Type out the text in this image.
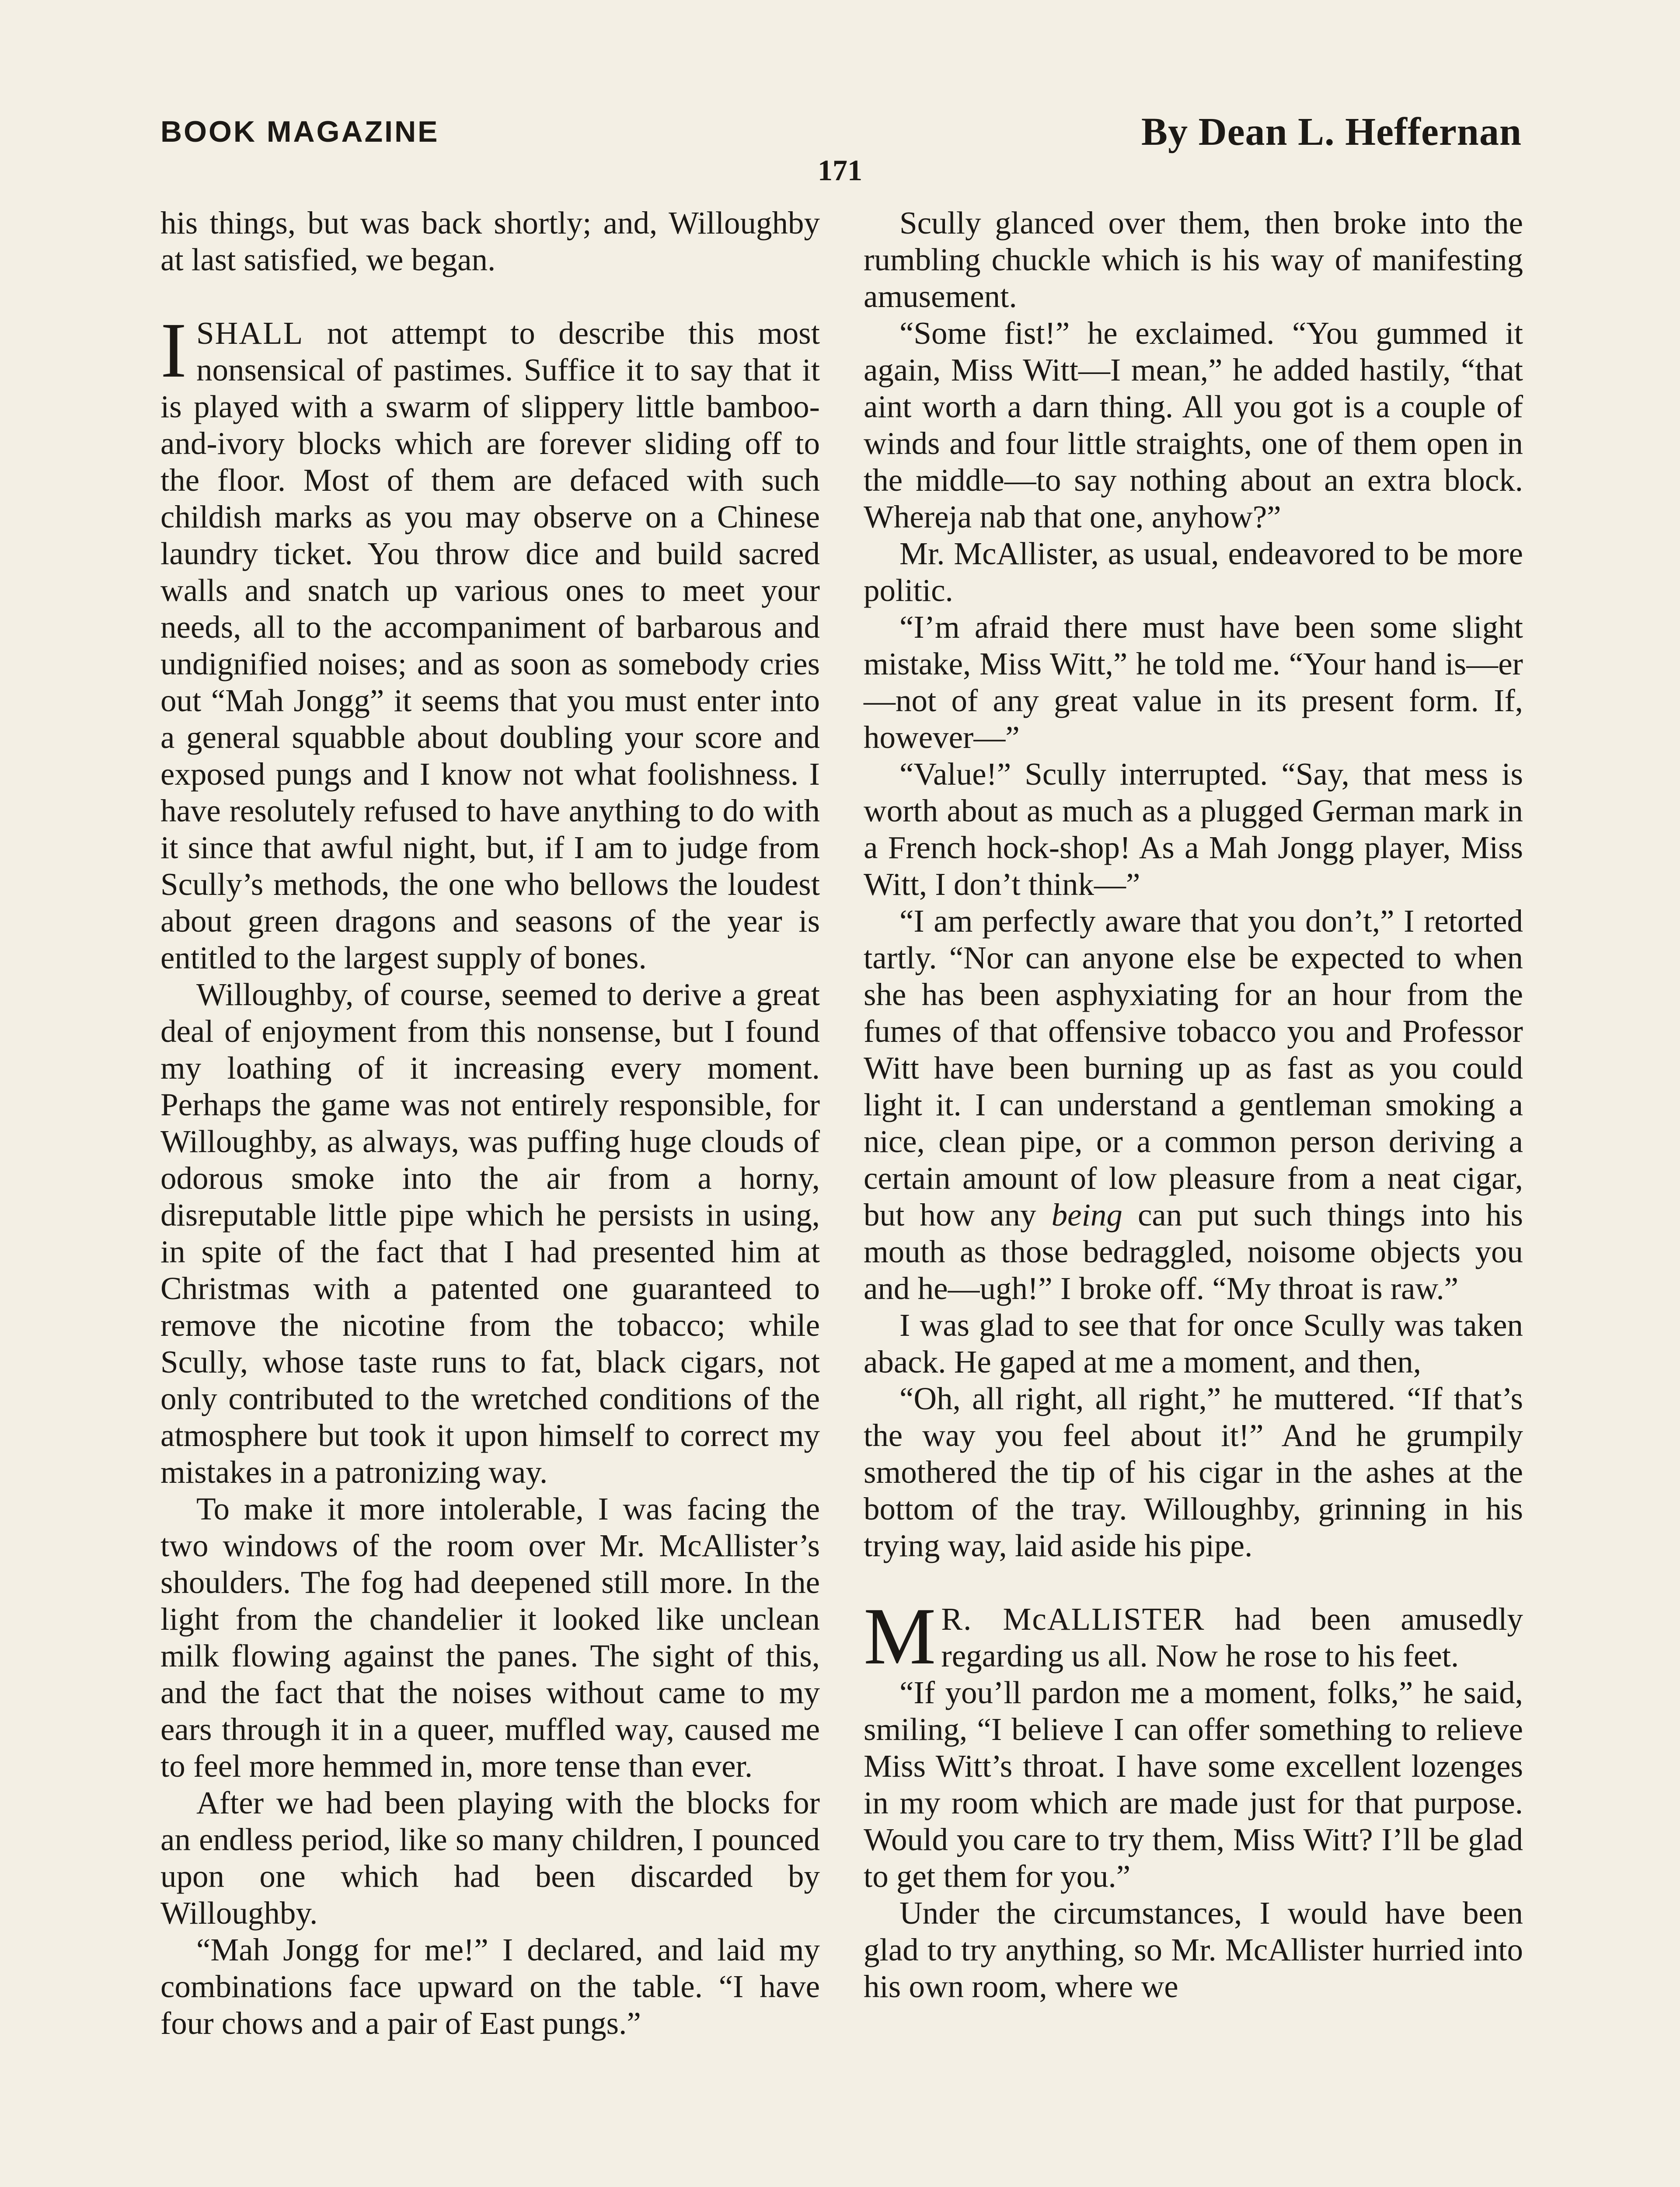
BOOK MAGAZINE	By Dean L. Heffernan
171

his things, but was back shortly; and, Willoughby at last satisfied, we began.

ISHALL not attempt to describe this most nonsensical of pastimes. Suffice it to say that it is played with a swarm of slippery little bamboo-and-ivory blocks which are forever sliding off to the floor. Most of them are defaced with such childish marks as you may observe on a Chinese laundry ticket. You throw dice and build sacred walls and snatch up various ones to meet your needs, all to the accompaniment of barbarous and undignified noises; and as soon as somebody cries out “Mah Jongg” it seems that you must enter into a general squabble about doubling your score and exposed pungs and I know not what foolishness. I have resolutely refused to have anything to do with it since that awful night, but, if I am to judge from Scully’s methods, the one who bellows the loudest about green dragons and seasons of the year is entitled to the largest supply of bones.

Willoughby, of course, seemed to derive a great deal of enjoyment from this nonsense, but I found my loathing of it increasing every moment. Perhaps the game was not entirely responsible, for Willoughby, as always, was puffing huge clouds of odorous smoke into the air from a horny, disreputable little pipe which he persists in using, in spite of the fact that I had presented him at Christmas with a patented one guaranteed to remove the nicotine from the tobacco; while Scully, whose taste runs to fat, black cigars, not only contributed to the wretched conditions of the atmosphere but took it upon himself to correct my mistakes in a patronizing way.

To make it more intolerable, I was facing the two windows of the room over Mr. McAllister’s shoulders. The fog had deepened still more. In the light from the chandelier it looked like unclean milk flowing against the panes. The sight of this, and the fact that the noises without came to my ears through it in a queer, muffled way, caused me to feel more hemmed in, more tense than ever.

After we had been playing with the blocks for an endless period, like so many children, I pounced upon one which had been discarded by Willoughby.

“Mah Jongg for me!” I declared, and laid my combinations face upward on the table. “I have four chows and a pair of East pungs.”

Scully glanced over them, then broke into the rumbling chuckle which is his way of manifesting amusement.

“Some fist!” he exclaimed. “You gummed it again, Miss Witt—I mean,” he added hastily, “that aint worth a darn thing. All you got is a couple of winds and four little straights, one of them open in the middle—to say nothing about an extra block. Whereja nab that one, anyhow?”

Mr. McAllister, as usual, endeavored to be more politic.

“I’m afraid there must have been some slight mistake, Miss Witt,” he told me. “Your hand is—er—not of any great value in its present form. If, however—”

“Value!” Scully interrupted. “Say, that mess is worth about as much as a plugged German mark in a French hock-shop! As a Mah Jongg player, Miss Witt, I don’t think—”

“I am perfectly aware that you don’t,” I retorted tartly. “Nor can anyone else be expected to when she has been asphyxiating for an hour from the fumes of that offensive tobacco you and Professor Witt have been burning up as fast as you could light it. I can understand a gentleman smoking a nice, clean pipe, or a common person deriving a certain amount of low pleasure from a neat cigar, but how any being can put such things into his mouth as those bedraggled, noisome objects you and he—ugh!” I broke off. “My throat is raw.”

I was glad to see that for once Scully was taken aback. He gaped at me a moment, and then,

“Oh, all right, all right,” he muttered. “If that’s the way you feel about it!” And he grumpily smothered the tip of his cigar in the ashes at the bottom of the tray. Willoughby, grinning in his trying way, laid aside his pipe.

M R. McALLISTER had been amusedly regarding us all. Now he rose to his feet.

“If you’ll pardon me a moment, folks,” he said, smiling, “I believe I can offer something to relieve Miss Witt’s throat. I have some excellent lozenges in my room which are made just for that purpose. Would you care to try them, Miss Witt? I’ll be glad to get them for you.”

Under the circumstances, I would have been glad to try anything, so Mr. McAllister hurried into his own room, where we
